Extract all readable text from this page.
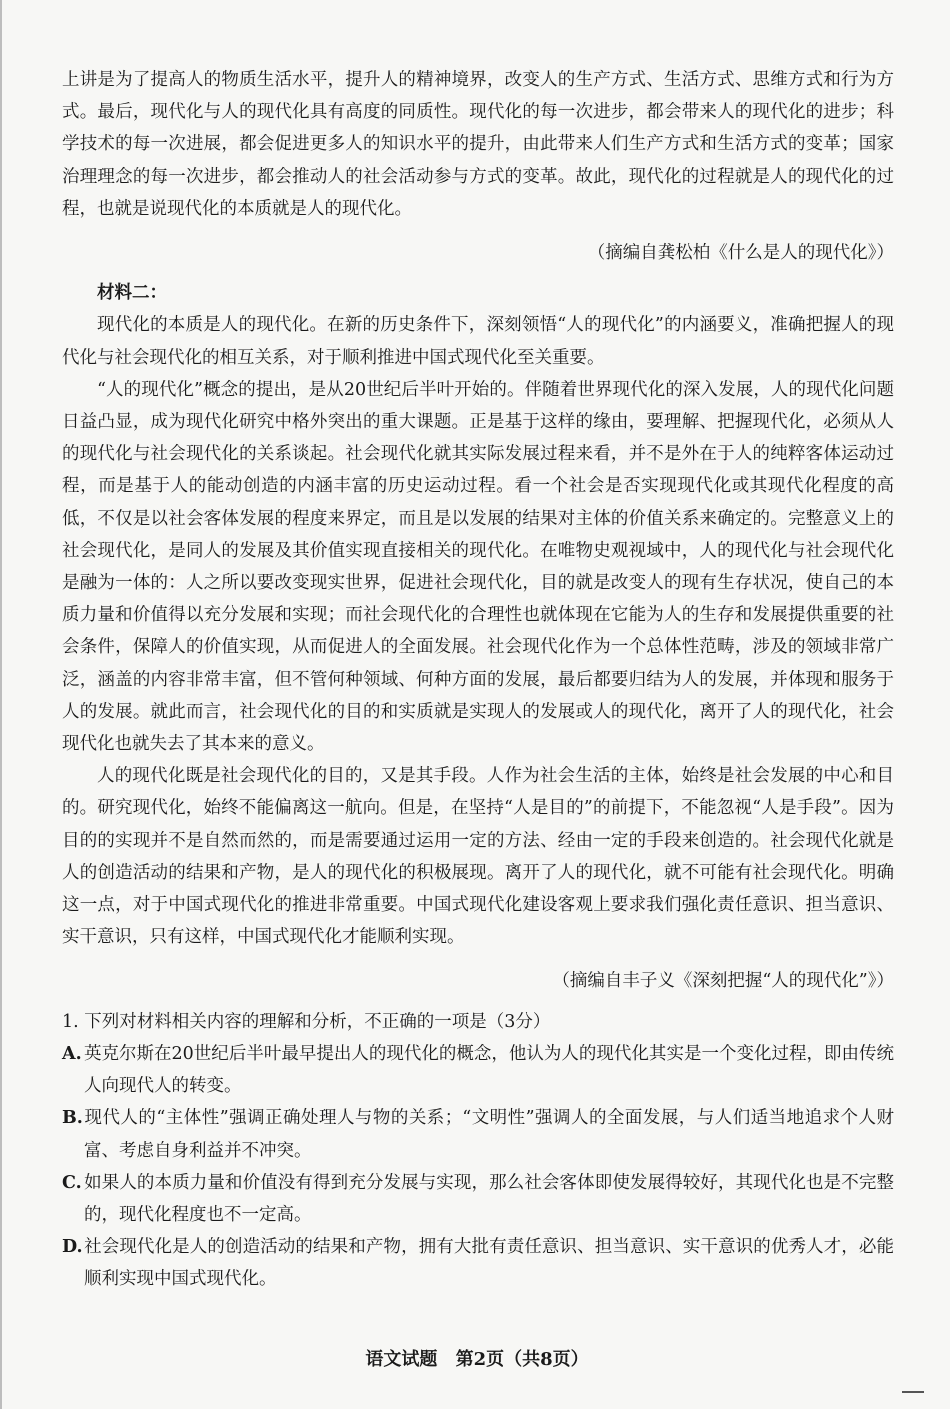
上讲是为了提高人的物质生活水平，提升人的精神境界，改变人的生产方式、生活方式、思维方式和行为方式。最后，现代化与人的现代化具有高度的同质性。现代化的每一次进步，都会带来人的现代化的进步；科学技术的每一次进展，都会促进更多人的知识水平的提升，由此带来人们生产方式和生活方式的变革；国家治理理念的每一次进步，都会推动人的社会活动参与方式的变革。故此，现代化的过程就是人的现代化的过程，也就是说现代化的本质就是人的现代化。

（摘编自龚松柏《什么是人的现代化》）

材料二：

现代化的本质是人的现代化。在新的历史条件下，深刻领悟“人的现代化”的内涵要义，准确把握人的现代化与社会现代化的相互关系，对于顺利推进中国式现代化至关重要。

“人的现代化”概念的提出，是从20世纪后半叶开始的。伴随着世界现代化的深入发展，人的现代化问题日益凸显，成为现代化研究中格外突出的重大课题。正是基于这样的缘由，要理解、把握现代化，必须从人的现代化与社会现代化的关系谈起。社会现代化就其实际发展过程来看，并不是外在于人的纯粹客体运动过程，而是基于人的能动创造的内涵丰富的历史运动过程。看一个社会是否实现现代化或其现代化程度的高低，不仅是以社会客体发展的程度来界定，而且是以发展的结果对主体的价值关系来确定的。完整意义上的社会现代化，是同人的发展及其价值实现直接相关的现代化。在唯物史观视域中，人的现代化与社会现代化是融为一体的：人之所以要改变现实世界，促进社会现代化，目的就是改变人的现有生存状况，使自己的本质力量和价值得以充分发展和实现；而社会现代化的合理性也就体现在它能为人的生存和发展提供重要的社会条件，保障人的价值实现，从而促进人的全面发展。社会现代化作为一个总体性范畴，涉及的领域非常广泛，涵盖的内容非常丰富，但不管何种领域、何种方面的发展，最后都要归结为人的发展，并体现和服务于人的发展。就此而言，社会现代化的目的和实质就是实现人的发展或人的现代化，离开了人的现代化，社会现代化也就失去了其本来的意义。

人的现代化既是社会现代化的目的，又是其手段。人作为社会生活的主体，始终是社会发展的中心和目的。研究现代化，始终不能偏离这一航向。但是，在坚持“人是目的”的前提下，不能忽视“人是手段”。因为目的的实现并不是自然而然的，而是需要通过运用一定的方法、经由一定的手段来创造的。社会现代化就是人的创造活动的结果和产物，是人的现代化的积极展现。离开了人的现代化，就不可能有社会现代化。明确这一点，对于中国式现代化的推进非常重要。中国式现代化建设客观上要求我们强化责任意识、担当意识、实干意识，只有这样，中国式现代化才能顺利实现。

（摘编自丰子义《深刻把握“人的现代化”》）

1. 下列对材料相关内容的理解和分析，不正确的一项是（3分）

A. 英克尔斯在20世纪后半叶最早提出人的现代化的概念，他认为人的现代化其实是一个变化过程，即由传统人向现代人的转变。

B.现代人的“主体性”强调正确处理人与物的关系；“文明性”强调人的全面发展，与人们适当地追求个人财富、考虑自身利益并不冲突。

C. 如果人的本质力量和价值没有得到充分发展与实现，那么社会客体即使发展得较好，其现代化也是不完整的，现代化程度也不一定高。

D.社会现代化是人的创造活动的结果和产物，拥有大批有责任意识、担当意识、实干意识的优秀人才，必能顺利实现中国式现代化。

语文试题 第2页（共8页）
